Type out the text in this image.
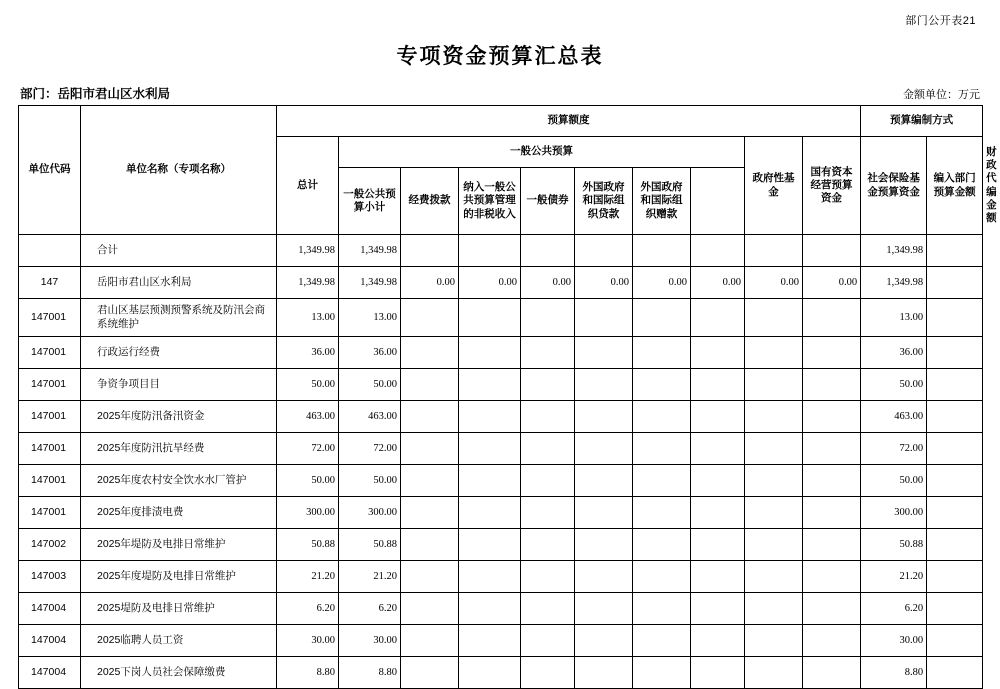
部门公开表21
专项资金预算汇总表
部门：岳阳市君山区水利局	金额单位：万元
单位代码	单位名称（专项名称）	预算额度										预算编制方式		
		总计	一般公共预算							政府性基金	国有资本经营预算资金	社会保险基金预算资金	编入部门预算金额	财政代编金额
			一般公共预算小计	经费拨款	纳入一般公共预算管理的非税收入	一般债券	外国政府和国际组织贷款	外国政府和国际组织赠款						
	合计	1,349.98	1,349.98									1,349.98		
147	岳阳市君山区水利局	1,349.98	1,349.98	0.00	0.00	0.00	0.00	0.00	0.00	0.00	0.00	1,349.98		
147001	君山区基层预测预警系统及防汛会商系统维护	13.00	13.00									13.00		
147001	行政运行经费	36.00	36.00									36.00		
147001	争资争项目目	50.00	50.00									50.00		
147001	2025年度防汛备汛资金	463.00	463.00									463.00		
147001	2025年度防汛抗旱经费	72.00	72.00									72.00		
147001	2025年度农村安全饮水水厂管护	50.00	50.00									50.00		
147001	2025年度排渍电费	300.00	300.00									300.00		
147002	2025年堤防及电排日常维护	50.88	50.88									50.88		
147003	2025年度堤防及电排日常维护	21.20	21.20									21.20		
147004	2025堤防及电排日常维护	6.20	6.20									6.20		
147004	2025临聘人员工资	30.00	30.00									30.00		
147004	2025下岗人员社会保障缴费	8.80	8.80									8.80		
